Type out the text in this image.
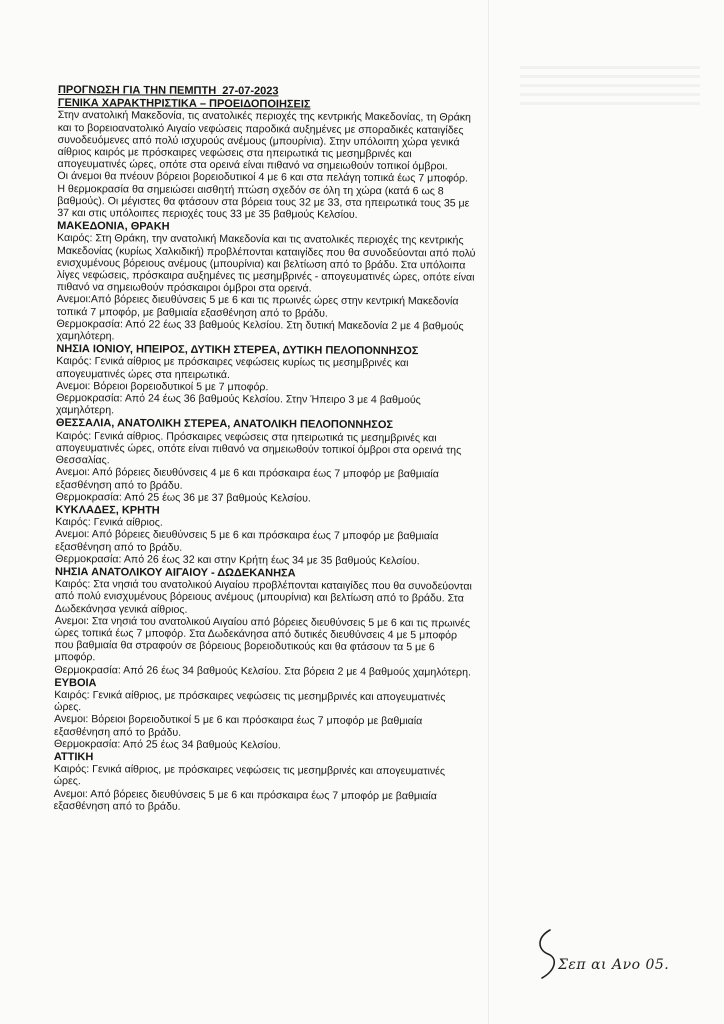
ΠΡΟΓΝΩΣΗ ΓΙΑ ΤΗΝ ΠΕΜΠΤΗ  27-07-2023
ΓΕΝΙΚΑ ΧΑΡΑΚΤΗΡΙΣΤΙΚΑ – ΠΡΟΕΙΔΟΠΟΙΗΣΕΙΣ

Στην ανατολική Μακεδονία, τις ανατολικές περιοχές της κεντρικής Μακεδονίας, τη Θράκη και το βορειοανατολικό Αιγαίο νεφώσεις παροδικά αυξημένες με σποραδικές καταιγίδες συνοδευόμενες από πολύ ισχυρούς ανέμους (μπουρίνια). Στην υπόλοιπη χώρα γενικά αίθριος καιρός με πρόσκαιρες νεφώσεις στα ηπειρωτικά τις μεσημβρινές και απογευματινές ώρες, οπότε στα ορεινά είναι πιθανό να σημειωθούν τοπικοί όμβροι.

Οι άνεμοι θα πνέουν βόρειοι βορειοδυτικοί 4 με 6 και στα πελάγη τοπικά έως 7 μποφόρ.

Η θερμοκρασία θα σημειώσει αισθητή πτώση σχεδόν σε όλη τη χώρα (κατά 6 ως 8 βαθμούς). Οι μέγιστες θα φτάσουν στα βόρεια τους 32 με 33, στα ηπειρωτικά τους 35 με 37 και στις υπόλοιπες περιοχές τους 33 με 35 βαθμούς Κελσίου.

ΜΑΚΕΔΟΝΙΑ, ΘΡΑΚΗ

Καιρός: Στη Θράκη, την ανατολική Μακεδονία και τις ανατολικές περιοχές της κεντρικής Μακεδονίας (κυρίως Χαλκιδική) προβλέπονται καταιγίδες που θα συνοδεύονται από πολύ ενισχυμένους βόρειους ανέμους (μπουρίνια) και βελτίωση από το βράδυ. Στα υπόλοιπα λίγες νεφώσεις, πρόσκαιρα αυξημένες τις μεσημβρινές - απογευματινές ώρες, οπότε είναι πιθανό να σημειωθούν πρόσκαιροι όμβροι στα ορεινά.

Ανεμοι:Από βόρειες διευθύνσεις 5 με 6 και τις πρωινές ώρες στην κεντρική Μακεδονία τοπικά 7 μποφόρ, με βαθμιαία εξασθένηση από το βράδυ.

Θερμοκρασία: Από 22 έως 33 βαθμούς Κελσίου. Στη δυτική Μακεδονία 2 με 4 βαθμούς χαμηλότερη.

ΝΗΣΙΑ ΙΟΝΙΟΥ, ΗΠΕΙΡΟΣ, ΔΥΤΙΚΗ ΣΤΕΡΕΑ, ΔΥΤΙΚΗ ΠΕΛΟΠΟΝΝΗΣΟΣ

Καιρός: Γενικά αίθριος με πρόσκαιρες νεφώσεις κυρίως τις μεσημβρινές και απογευματινές ώρες στα ηπειρωτικά.

Ανεμοι: Βόρειοι βορειοδυτικοί 5 με 7 μποφόρ.

Θερμοκρασία: Από 24 έως 36 βαθμούς Κελσίου. Στην Ήπειρο 3 με 4 βαθμούς χαμηλότερη.

ΘΕΣΣΑΛΙΑ, ΑΝΑΤΟΛΙΚΗ ΣΤΕΡΕΑ, ΑΝΑΤΟΛΙΚΗ ΠΕΛΟΠΟΝΝΗΣΟΣ

Καιρός: Γενικά αίθριος. Πρόσκαιρες νεφώσεις στα ηπειρωτικά τις μεσημβρινές και απογευματινές ώρες, οπότε είναι πιθανό να σημειωθούν τοπικοί όμβροι στα ορεινά της Θεσσαλίας.

Ανεμοι: Από βόρειες διευθύνσεις 4 με 6 και πρόσκαιρα έως 7 μποφόρ με βαθμιαία εξασθένηση από το βράδυ.

Θερμοκρασία: Από 25 έως 36 με 37 βαθμούς Κελσίου.

ΚΥΚΛΑΔΕΣ, ΚΡΗΤΗ

Καιρός: Γενικά αίθριος.

Ανεμοι: Από βόρειες διευθύνσεις 5 με 6 και πρόσκαιρα έως 7 μποφόρ με βαθμιαία εξασθένηση από το βράδυ.

Θερμοκρασία: Από 26 έως 32 και στην Κρήτη έως 34 με 35 βαθμούς Κελσίου.

ΝΗΣΙΑ ΑΝΑΤΟΛΙΚΟΥ ΑΙΓΑΙΟΥ - ΔΩΔΕΚΑΝΗΣΑ

Καιρός: Στα νησιά του ανατολικού Αιγαίου προβλέπονται καταιγίδες που θα συνοδεύονται από πολύ ενισχυμένους βόρειους ανέμους (μπουρίνια) και βελτίωση από το βράδυ. Στα Δωδεκάνησα γενικά αίθριος.

Ανεμοι: Στα νησιά του ανατολικού Αιγαίου από βόρειες διευθύνσεις 5 με 6 και τις πρωινές ώρες τοπικά έως 7 μποφόρ. Στα Δωδεκάνησα από δυτικές διευθύνσεις 4 με 5 μποφόρ που βαθμιαία θα στραφούν σε βόρειους βορειοδυτικούς και θα φτάσουν τα 5 με 6 μποφόρ.

Θερμοκρασία: Από 26 έως 34 βαθμούς Κελσίου. Στα βόρεια 2 με 4 βαθμούς χαμηλότερη.

ΕΥΒΟΙΑ

Καιρός: Γενικά αίθριος, με πρόσκαιρες νεφώσεις τις μεσημβρινές και απογευματινές ώρες.

Ανεμοι: Βόρειοι βορειοδυτικοί 5 με 6 και πρόσκαιρα έως 7 μποφόρ με βαθμιαία εξασθένηση από το βράδυ.

Θερμοκρασία: Από 25 έως 34 βαθμούς Κελσίου.

ΑΤΤΙΚΗ

Καιρός: Γενικά αίθριος, με πρόσκαιρες νεφώσεις τις μεσημβρινές και απογευματινές ώρες.

Ανεμοι: Από βόρειες διευθύνσεις 5 με 6 και πρόσκαιρα έως 7 μποφόρ με βαθμιαία εξασθένηση από το βράδυ.

Σεπ αι Ανο 05.
